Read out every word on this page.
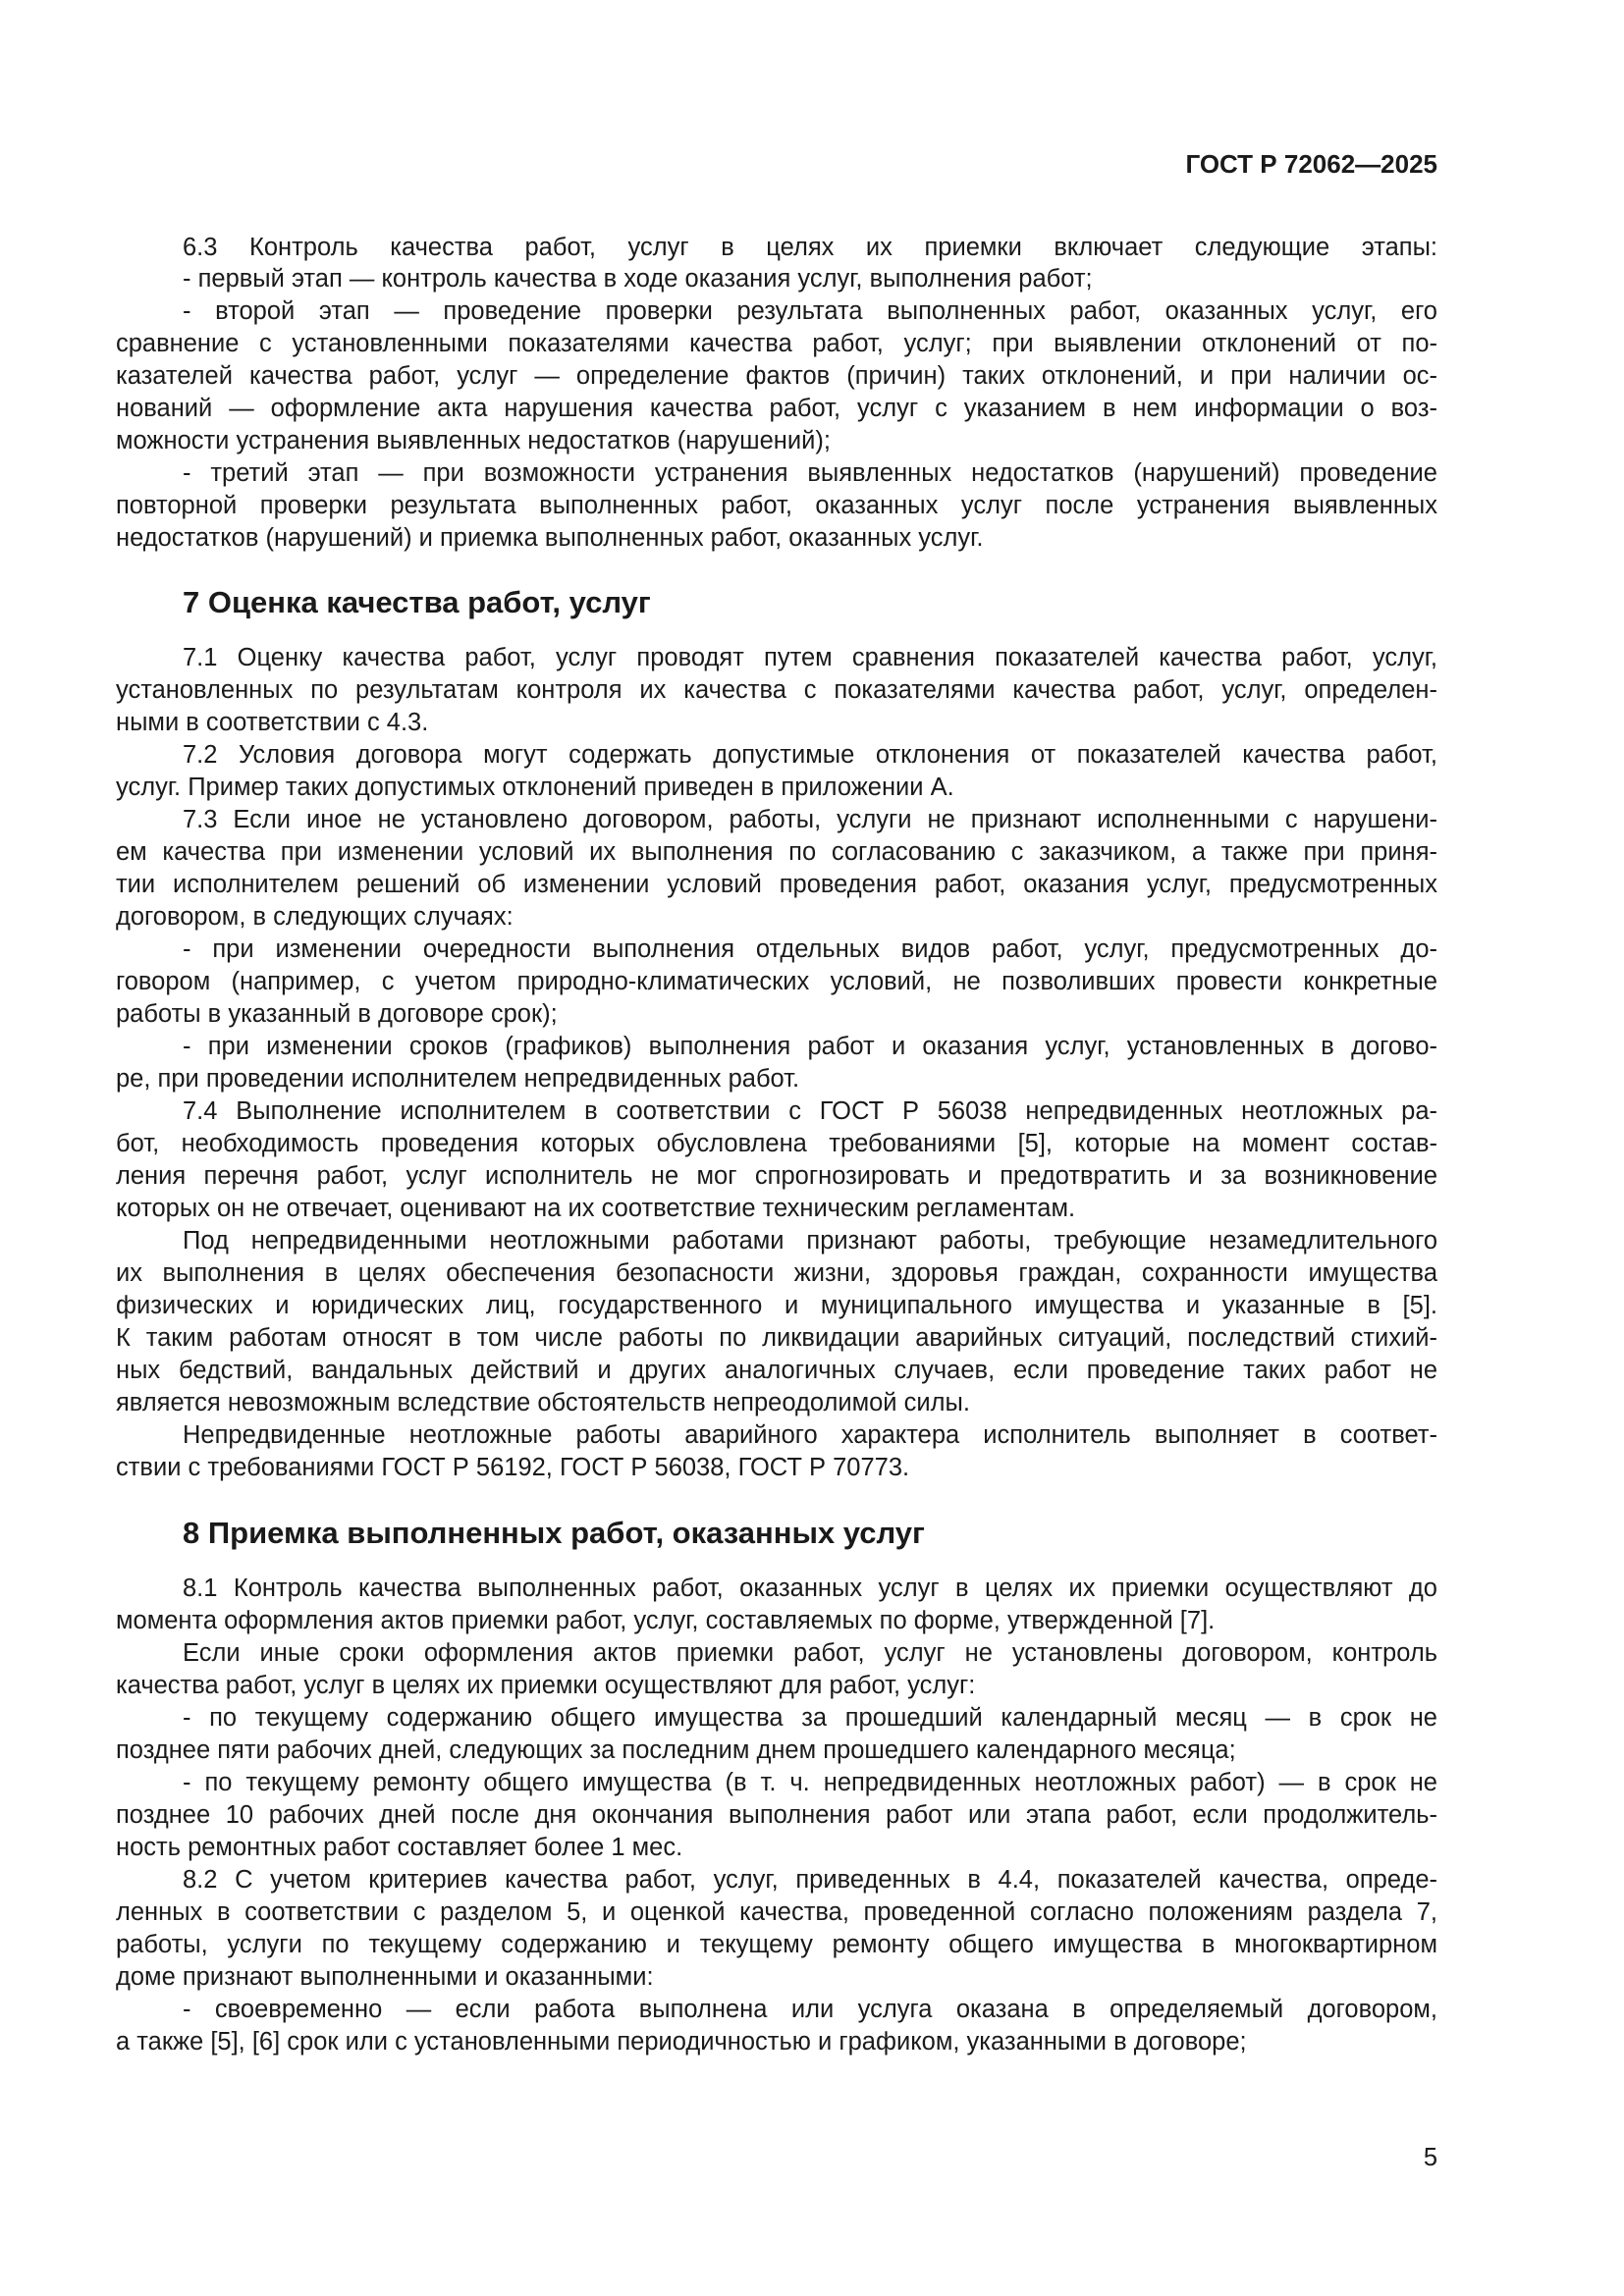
ГОСТ Р 72062—2025

6.3 Контроль качества работ, услуг в целях их приемки включает следующие этапы:

- первый этап — контроль качества в ходе оказания услуг, выполнения работ;

- второй этап — проведение проверки результата выполненных работ, оказанных услуг, его

сравнение с установленными показателями качества работ, услуг; при выявлении отклонений от по-

казателей качества работ, услуг — определение фактов (причин) таких отклонений, и при наличии ос-

нований — оформление акта нарушения качества работ, услуг с указанием в нем информации о воз-

можности устранения выявленных недостатков (нарушений);

- третий этап — при возможности устранения выявленных недостатков (нарушений) проведение

повторной проверки результата выполненных работ, оказанных услуг после устранения выявленных

недостатков (нарушений) и приемка выполненных работ, оказанных услуг.

7 Оценка качества работ, услуг

7.1 Оценку качества работ, услуг проводят путем сравнения показателей качества работ, услуг,

установленных по результатам контроля их качества с показателями качества работ, услуг, определен-

ными в соответствии с 4.3.

7.2 Условия договора могут содержать допустимые отклонения от показателей качества работ,

услуг. Пример таких допустимых отклонений приведен в приложении А.

7.3 Если иное не установлено договором, работы, услуги не признают исполненными с нарушени-

ем качества при изменении условий их выполнения по согласованию с заказчиком, а также при приня-

тии исполнителем решений об изменении условий проведения работ, оказания услуг, предусмотренных

договором, в следующих случаях:

- при изменении очередности выполнения отдельных видов работ, услуг, предусмотренных до-

говором (например, с учетом природно-климатических условий, не позволивших провести конкретные

работы в указанный в договоре срок);

- при изменении сроков (графиков) выполнения работ и оказания услуг, установленных в догово-

ре, при проведении исполнителем непредвиденных работ.

7.4 Выполнение исполнителем в соответствии с ГОСТ Р 56038 непредвиденных неотложных ра-

бот, необходимость проведения которых обусловлена требованиями [5], которые на момент состав-

ления перечня работ, услуг исполнитель не мог спрогнозировать и предотвратить и за возникновение

которых он не отвечает, оценивают на их соответствие техническим регламентам.

Под непредвиденными неотложными работами признают работы, требующие незамедлительного

их выполнения в целях обеспечения безопасности жизни, здоровья граждан, сохранности имущества

физических и юридических лиц, государственного и муниципального имущества и указанные в [5].

К таким работам относят в том числе работы по ликвидации аварийных ситуаций, последствий стихий-

ных бедствий, вандальных действий и других аналогичных случаев, если проведение таких работ не

является невозможным вследствие обстоятельств непреодолимой силы.

Непредвиденные неотложные работы аварийного характера исполнитель выполняет в соответ-

ствии с требованиями ГОСТ Р 56192, ГОСТ Р 56038, ГОСТ Р 70773.

8 Приемка выполненных работ, оказанных услуг

8.1 Контроль качества выполненных работ, оказанных услуг в целях их приемки осуществляют до

момента оформления актов приемки работ, услуг, составляемых по форме, утвержденной [7].

Если иные сроки оформления актов приемки работ, услуг не установлены договором, контроль

качества работ, услуг в целях их приемки осуществляют для работ, услуг:

- по текущему содержанию общего имущества за прошедший календарный месяц — в срок не

позднее пяти рабочих дней, следующих за последним днем прошедшего календарного месяца;

- по текущему ремонту общего имущества (в т. ч. непредвиденных неотложных работ) — в срок не

позднее 10 рабочих дней после дня окончания выполнения работ или этапа работ, если продолжитель-

ность ремонтных работ составляет более 1 мес.

8.2 С учетом критериев качества работ, услуг, приведенных в 4.4, показателей качества, опреде-

ленных в соответствии с разделом 5, и оценкой качества, проведенной согласно положениям раздела 7,

работы, услуги по текущему содержанию и текущему ремонту общего имущества в многоквартирном

доме признают выполненными и оказанными:

- своевременно — если работа выполнена или услуга оказана в определяемый договором,

а также [5], [6] срок или с установленными периодичностью и графиком, указанными в договоре;

5
